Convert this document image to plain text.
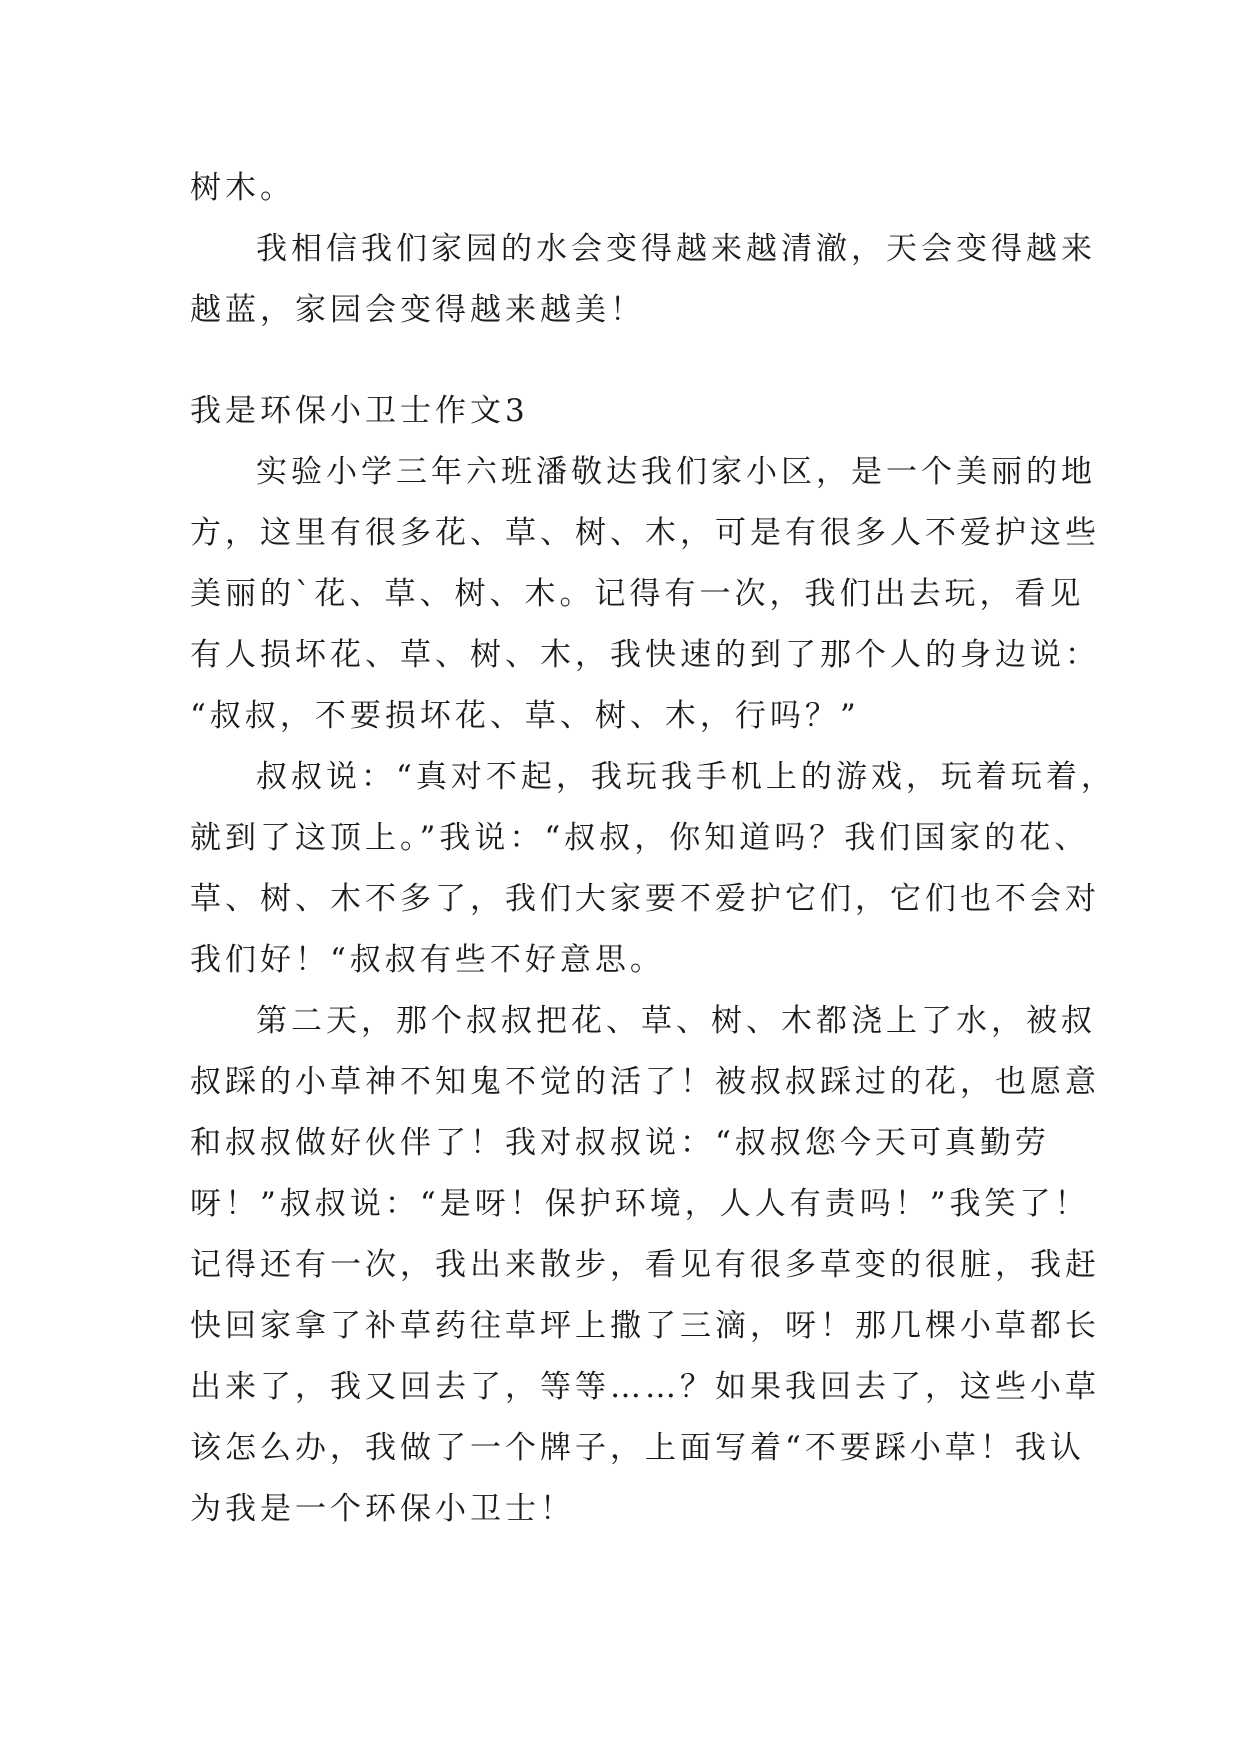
树木。
我相信我们家园的水会变得越来越清澈，天会变得越来
越蓝，家园会变得越来越美！
我是环保小卫士作文3
实验小学三年六班潘敬达我们家小区，是一个美丽的地
方，这里有很多花、草、树、木，可是有很多人不爱护这些
美丽的`花、草、树、木。记得有一次，我们出去玩，看见
有人损坏花、草、树、木，我快速的到了那个人的身边说：
“叔叔，不要损坏花、草、树、木，行吗？”
叔叔说：“真对不起，我玩我手机上的游戏，玩着玩着，
就到了这顶上。”我说：“叔叔，你知道吗？我们国家的花、
草、树、木不多了，我们大家要不爱护它们，它们也不会对
我们好！“叔叔有些不好意思。
第二天，那个叔叔把花、草、树、木都浇上了水，被叔
叔踩的小草神不知鬼不觉的活了！被叔叔踩过的花，也愿意
和叔叔做好伙伴了！我对叔叔说：“叔叔您今天可真勤劳
呀！”叔叔说：“是呀！保护环境，人人有责吗！”我笑了！
记得还有一次，我出来散步，看见有很多草变的很脏，我赶
快回家拿了补草药往草坪上撒了三滴，呀！那几棵小草都长
出来了，我又回去了，等等……？如果我回去了，这些小草
该怎么办，我做了一个牌子，上面写着“不要踩小草！我认
为我是一个环保小卫士！
